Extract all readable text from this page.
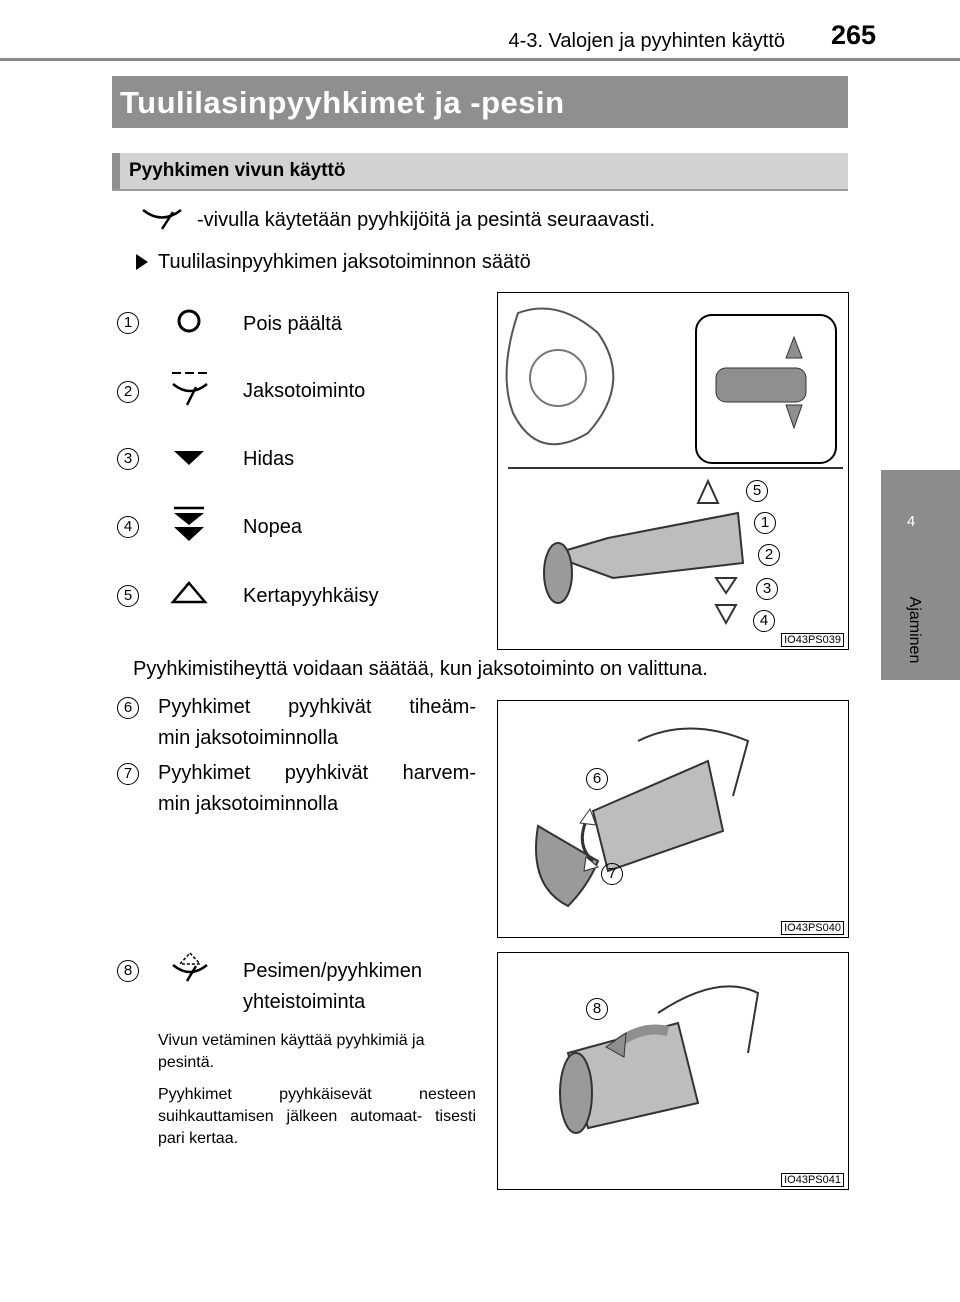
4-3. Valojen ja pyyhinten käyttö 265
4
Ajaminen
Tuulilasinpyyhkimet ja -pesin
Pyyhkimen vivun käyttö
-vivulla käytetään pyyhkijöitä ja pesintä seuraavasti.
Tuulilasinpyyhkimen jaksotoiminnon säätö
1	Pois päältä
2	Jaksotoiminto
3	Hidas
4	Nopea
5	Kertapyyhkäisy
5
1
2
3
4
IO43PS039
Pyyhkimistiheyttä voidaan säätää, kun jaksotoiminto on valittuna.
6	Pyyhkimet pyyhkivät tiheäm-
min jaksotoiminnolla
7	Pyyhkimet pyyhkivät harvem-
min jaksotoiminnolla
6
7
IO43PS040
8	Pesimen/pyyhkimen
yhteistoiminta
Vivun vetäminen käyttää pyyhkimiä ja pesintä.
Pyyhkimet pyyhkäisevät nesteen suihkauttamisen jälkeen automaat- tisesti pari kertaa.
8
IO43PS041
